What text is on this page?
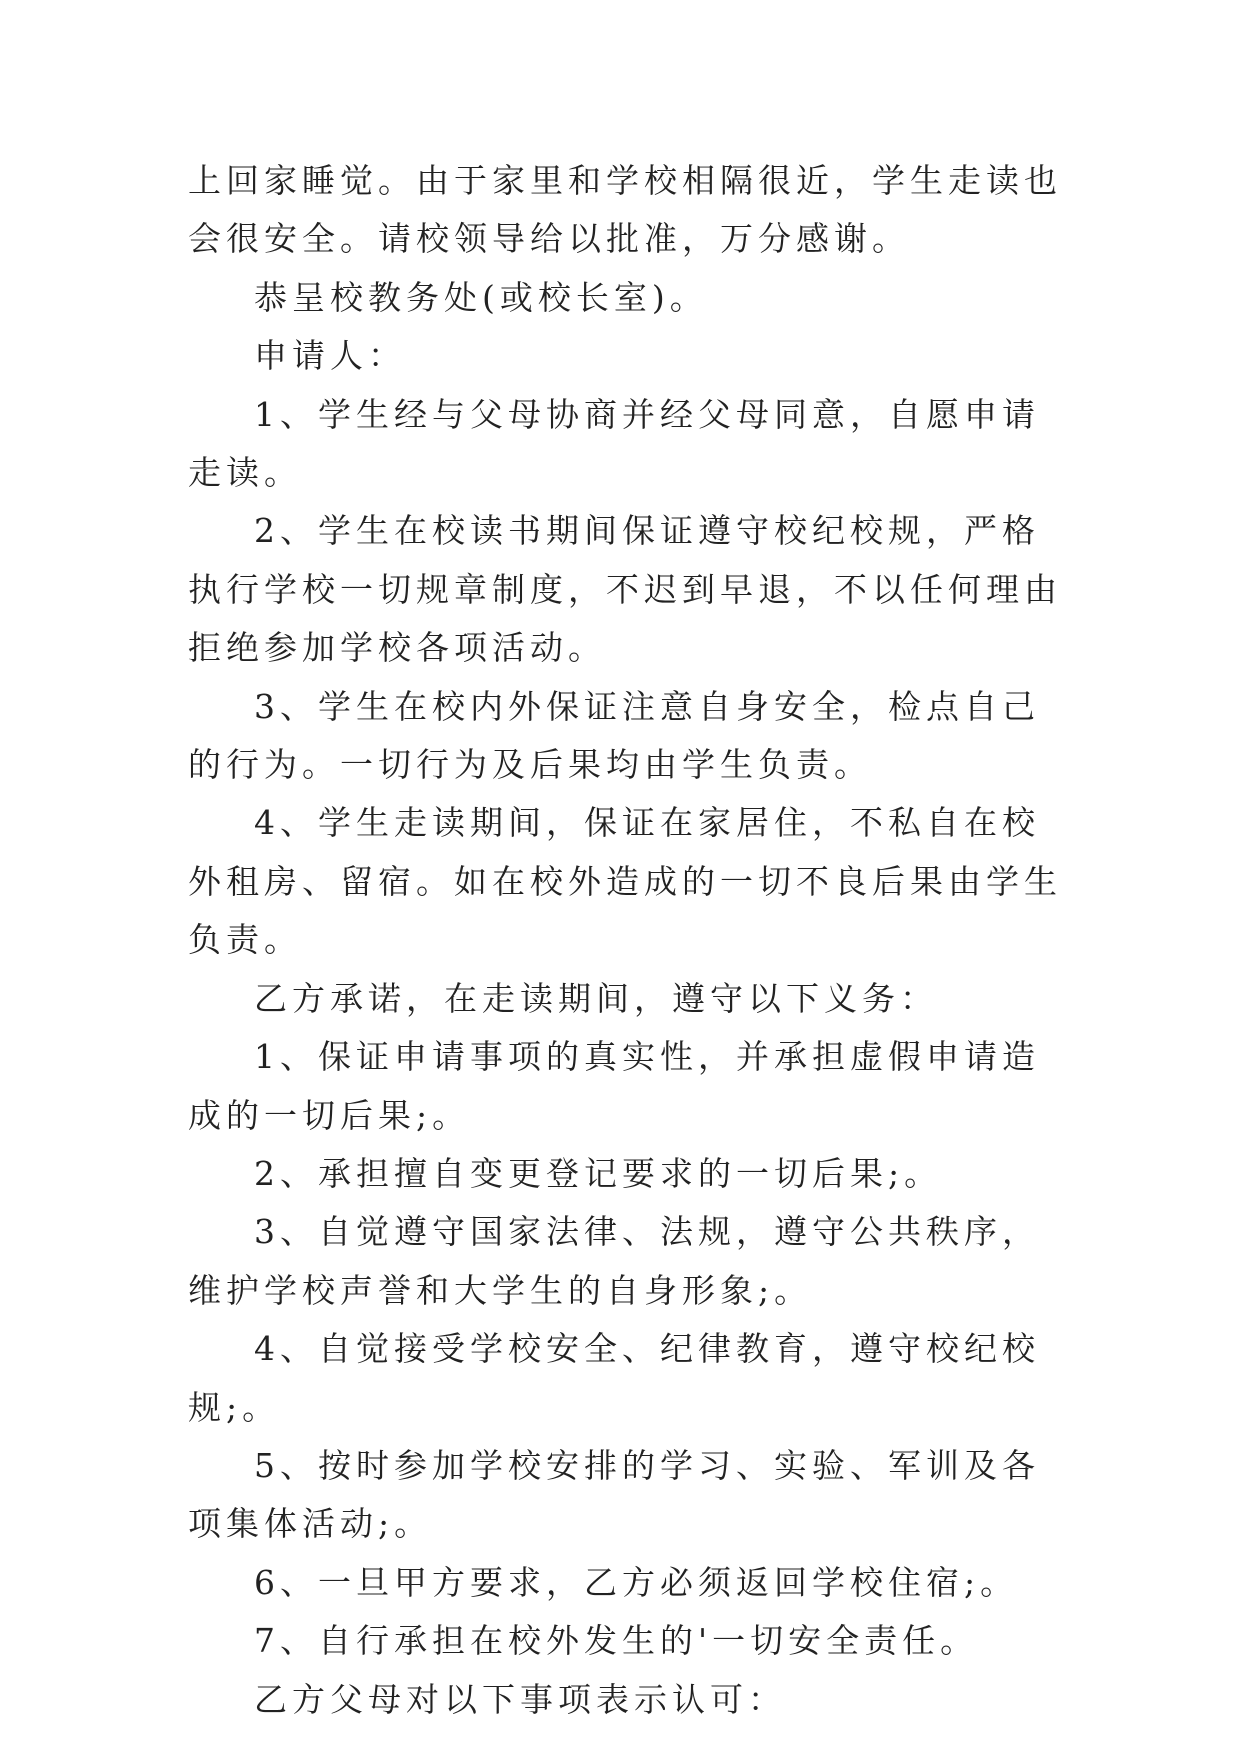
上回家睡觉。由于家里和学校相隔很近，学生走读也会很安全。请校领导给以批准，万分感谢。

恭呈校教务处(或校长室)。

申请人：

1、学生经与父母协商并经父母同意，自愿申请走读。

2、学生在校读书期间保证遵守校纪校规，严格执行学校一切规章制度，不迟到早退，不以任何理由拒绝参加学校各项活动。

3、学生在校内外保证注意自身安全，检点自己的行为。一切行为及后果均由学生负责。

4、学生走读期间，保证在家居住，不私自在校外租房、留宿。如在校外造成的一切不良后果由学生负责。

乙方承诺，在走读期间，遵守以下义务：

1、保证申请事项的真实性，并承担虚假申请造成的一切后果;。

2、承担擅自变更登记要求的一切后果;。

3、自觉遵守国家法律、法规，遵守公共秩序，维护学校声誉和大学生的自身形象;。

4、自觉接受学校安全、纪律教育，遵守校纪校规;。

5、按时参加学校安排的学习、实验、军训及各项集体活动;。

6、一旦甲方要求，乙方必须返回学校住宿;。

7、自行承担在校外发生的'一切安全责任。

乙方父母对以下事项表示认可：
